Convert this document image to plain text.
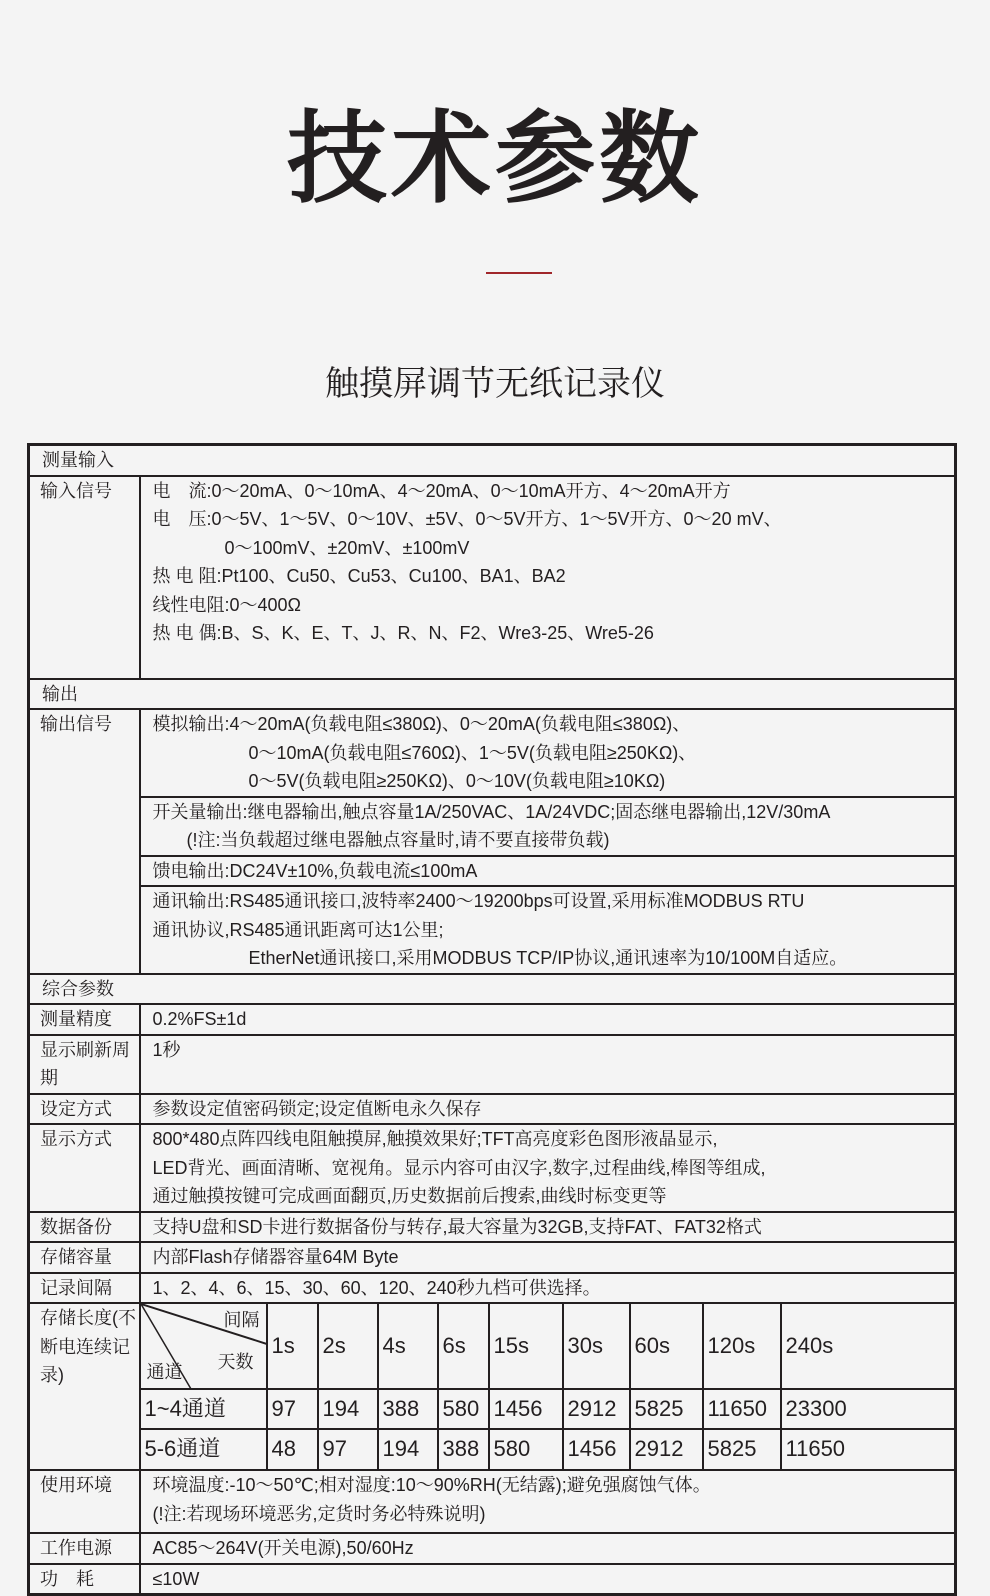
技术参数
触摸屏调节无纸记录仪
测量输入
输入信号	电　流:0～20mA、0～10mA、4～20mA、0～10mA开方、4～20mA开方
电　压:0～5V、1～5V、0～10V、±5V、0～5V开方、1～5V开方、0～20 mV、
0～100mV、±20mV、±100mV
热 电 阻:Pt100、Cu50、Cu53、Cu100、BA1、BA2
线性电阻:0～400Ω
热 电 偶:B、S、K、E、T、J、R、N、F2、Wre3-25、Wre5-26

输出
输出信号	模拟输出:4～20mA(负载电阻≤380Ω)、0～20mA(负载电阻≤380Ω)、
0～10mA(负载电阻≤760Ω)、1～5V(负载电阻≥250KΩ)、
0～5V(负载电阻≥250KΩ)、0～10V(负载电阻≥10KΩ)

开关量输出:继电器输出,触点容量1A/250VAC、1A/24VDC;固态继电器输出,12V/30mA
(!注:当负载超过继电器触点容量时,请不要直接带负载)

馈电输出:DC24V±10%,负载电流≤100mA

通讯输出:RS485通讯接口,波特率2400～19200bps可设置,采用标准MODBUS RTU
通讯协议,RS485通讯距离可达1公里;
EtherNet通讯接口,采用MODBUS TCP/IP协议,通讯速率为10/100M自适应。

综合参数
测量精度	0.2%FS±1d
显示刷新周期	1秒
设定方式	参数设定值密码锁定;设定值断电永久保存
显示方式	800*480点阵四线电阻触摸屏,触摸效果好;TFT高亮度彩色图形液晶显示,
LED背光、画面清晰、宽视角。显示内容可由汉字,数字,过程曲线,棒图等组成,
通过触摸按键可完成画面翻页,历史数据前后搜索,曲线时标变更等

数据备份	支持U盘和SD卡进行数据备份与转存,最大容量为32GB,支持FAT、FAT32格式
存储容量	内部Flash存储器容量64M Byte
记录间隔	1、2、4、6、15、30、60、120、240秒九档可供选择。
存储长度(不断电连续记录)	
间隔
天数
通道
	1s	2s	4s	6s	15s	30s	60s	120s	240s
1~4通道	97	194	388	580	1456	2912	5825	11650	23300
5-6通道	48	97	194	388	580	1456	2912	5825	11650

使用环境	环境温度:-10～50℃;相对湿度:10～90%RH(无结露);避免强腐蚀气体。
(!注:若现场环境恶劣,定货时务必特殊说明)

工作电源	AC85～264V(开关电源),50/60Hz
功　耗	≤10W
